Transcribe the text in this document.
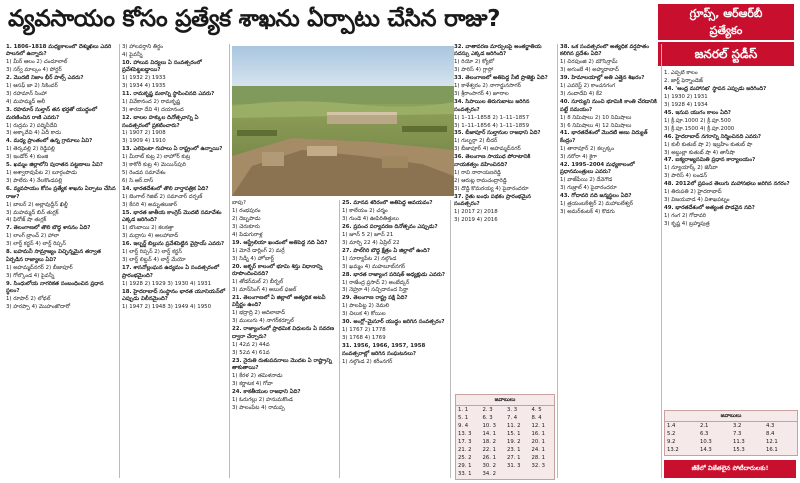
వ్యవసాయం కోసం ప్రత్యేక శాఖను ఏర్పాటు చేసిన రాజు?	గ్రూప్స్, ఆర్ఆర్‌బీ
ప్రత్యేకం
జనరల్ స్టడీస్

1. 1806–1818 మధ్యకాలంలో దేశ్ముఖ్‌లు ఎవరి పాలనలో ఉన్నారు?

1) మీర్ ఆలం 2) చందూలాల్

3) సర్వ్ మాల్కం 4) పోర్టర్

2. మొదటి నిజాం భీర్ పాల్స్ ఎవరు?

1) ఆసఫ్ జా 2) సికిందర్

3) రహమాన్ సింహా

4) మహమ్మద్ అలీ

3. రహమాన్ సుల్తాన్ తన భర్తతో యుద్ధంలో మరణించిన రాణి ఎవరు?

1) రుద్రమ 2) పద్మినీదేవి

3) అక్కాదేవి 4) ఏదీ కాదు

4. మధ్య ప్రాంతంలో ఉన్న గ్రామాలు ఏవి?

1) తెర్కవల్లి 2) రెడ్డిపల్లి

3) ఇండోర్ 4) కుంజి

5. ఖమ్మం జిల్లాలోని పురాతన పట్టణాలు ఏవి?

1) అశ్వారావుపేట 2) బూర్గంపాడు

3) పాలేరు 4) నేలకొండపల్లి

6. వ్యవసాయం కోసం ప్రత్యేక శాఖను ఏర్పాటు చేసిన రాజు?

1) బాబర్ 2) అల్లావుద్దీన్ ఖిల్జీ

3) మహమ్మద్ బిన్ తుగ్లక్

4) ఫిరోజ్ షా తుగ్లక్

7. తెలంగాణలో తొలి బౌద్ధ శాసనం ఏది?

1) లాంగ్ బ్రాంచ్ 2) హాలా

3) లార్డ్ కర్జన్ 4) లార్డ్ రిప్పన్

8. బహమనీ సామ్రాజ్యం విచ్ఛిన్నమైన తర్వాత ఏర్పడిన రాజ్యాలు ఏవి?

1) అహమ్మద్‌నగర్ 2) బీజాపూర్

3) గోల్కొండ 4) పైవన్నీ

9. సింధులోయ నాగరికత సంబంధించిన ప్రధాన స్థలం?

1) రూపార్ 2) లోథల్

3) హరప్పా 4) మొహంజొదారో

3) హాలవర్తానీ తీర్థం

4) పైవన్నీ

10. హాలువ విద్యలు ఏ సంవత్సరంలో ప్రవేశపెట్టబడ్డాయి?

1) 1932 2) 1933

3) 1934 4) 1935

11. రామకృష్ణ మఠాన్ని స్థాపించినది ఎవరు?

1) వివేకానంద 2) రామకృష్ణ

3) శారదా దేవి 4) దయానంద

12. బాలల హక్కుల దినోత్సవాన్ని ఏ సంవత్సరంలో ప్రకటించారు?

1) 1907 2) 1908

3) 1909 4) 1910

13. ఎలిఫెంటా గుహలు ఏ రాష్ట్రంలో ఉన్నాయి?

1) మీరాట్ కుట్ర 2) లాహోర్ కుట్ర

3) కాకోరీ కుట్ర 4) మెయిన్‌పురి

5) రెండవ సమావేశం

6) సి.ఆర్.దాస్

14. భారతదేశంలో తొలి వార్తాపత్రిక ఏది?

1) బెంగాల్ గెజిట్ 2) సమాచార్ దర్పణ్

3) కేసరి 4) అమృతబజార్

15. భారత జాతీయ కాంగ్రెస్ మొదటి సమావేశం ఎక్కడ జరిగింది?

1) బొంబాయి 2) కలకత్తా

3) మద్రాసు 4) అలహాబాద్

16. ఇల్బర్ట్ బిల్లును ప్రవేశపెట్టిన వైస్రాయ్ ఎవరు?

1) లార్డ్ రిప్పన్ 2) లార్డ్ కర్జన్

3) లార్డ్ లిట్టన్ 4) లార్డ్ మేయో

17. శాసనోల్లంఘన ఉద్యమం ఏ సంవత్సరంలో ప్రారంభమైంది?

1) 1928 2) 1929 3) 1930 4) 1931

18. హైదరాబాద్ సంస్థానం భారత యూనియన్‌లో ఎప్పుడు విలీనమైంది?

1) 1947 2) 1948 3) 1949 4) 1950

బాపు?

1) రంభపురం

2) దెబ్బపాడు

3) చెరుకూరు

4) పిడుగురాళ్ల

19. ఆస్ట్రేలియా ఖండంలో అతిపెద్ద నది ఏది?

1) మోనే డార్లింగ్ 2) మర్రే

3) సిడ్నీ 4) హోబార్ట్

20. అక్బర్ కాలంలో భూమి శిస్తు విధానాన్ని రూపొందించినది?

1) తోడర్‌మల్ 2) బీర్బల్

3) మాన్‌సింగ్ 4) అబుల్ ఫజల్

21. తెలంగాణలో ఏ జిల్లాలో అత్యధిక అటవీ విస్తీర్ణం ఉంది?

1) భద్రాద్రి 2) ఆదిలాబాద్

3) ములుగు 4) నాగర్‌కర్నూల్

22. రాజ్యాంగంలో ప్రాథమిక విధులను ఏ సవరణ ద్వారా చేర్చారు?

1) 42వ 2) 44వ

3) 52వ 4) 61వ

23. నైరుతి రుతుపవనాలు మొదట ఏ రాష్ట్రాన్ని తాకుతాయి?

1) కేరళ 2) తమిళనాడు

3) కర్ణాటక 4) గోవా

24. కాకతీయుల రాజధాని ఏది?

1) ఓరుగల్లు 2) హనుమకొండ

3) పాలంపేట 4) రామప్ప

25. మానవ శరీరంలో అతిపెద్ద అవయవం?

1) కాలేయం 2) చర్మం

3) గుండె 4) ఊపిరితిత్తులు

26. ప్రపంచ పర్యావరణ దినోత్సవం ఎప్పుడు?

1) జూన్ 5 2) జూన్ 21

3) మార్చి 22 4) ఏప్రిల్ 22

27. పాల్‌గిరి బౌద్ధ క్షేత్రం ఏ జిల్లాలో ఉంది?

1) సూర్యాపేట 2) నల్గొండ

3) ఖమ్మం 4) మహబూబ్‌నగర్

28. భారత రాజ్యాంగ పరిషత్ అధ్యక్షుడు ఎవరు?

1) రాజేంద్ర ప్రసాద్ 2) అంబేద్కర్

3) నెహ్రూ 4) సచ్చిదానంద సిన్హా

29. తెలంగాణ రాష్ట్ర పక్షి ఏది?

1) పాలపిట్ట 2) నెమలి

3) చిలుక 4) కోయిల

30. అంగ్లో–మైసూర్ యుద్ధం జరిగిన సంవత్సరం?

1) 1767 2) 1778

3) 1768 4) 1769

31. 1956, 1966, 1957, 1958 సంవత్సరాల్లో జరిగిన సంఘటనలు?

1) నల్గొండ 2) కరీంనగర్

32. వాతావరణ మార్పులపై అంతర్జాతీయ సదస్సు ఎక్కడ జరిగింది?

1) రియో 2) క్యోటో

3) పారిస్ 4) గ్లాస్గో

33. తెలంగాణలో అతిపెద్ద నీటి ప్రాజెక్టు ఏది?

1) కాళేశ్వరం 2) నాగార్జునసాగర్

3) శ్రీరాంసాగర్ 4) జూరాల

34. సిపాయిల తిరుగుబాటు జరిగిన సంవత్సరం?

1) 1–11–1858 2) 1–11–1857

3) 1–11–1856 4) 1–11–1859

35. బీజాపూర్ సుల్తానుల రాజధాని ఏది?

1) గుల్బర్గా 2) బీదర్

3) బీజాపూర్ 4) అహమ్మద్‌నగర్

36. తెలంగాణ సాయుధ పోరాటానికి నాయకత్వం వహించినది?

1) రావి నారాయణరెడ్డి

2) ఆరుట్ల రామచంద్రారెడ్డి

3) దొడ్డి కొమరయ్య 4) పైవారందరూ

37. రైతు బంధు పథకం ప్రారంభమైన సంవత్సరం?

1) 2017 2) 2018

3) 2019 4) 2016

38. ఒక సంవత్సరంలో అత్యధిక వర్షపాతం కలిగిన ప్రదేశం ఏది?

1) చిరపుంజి 2) మౌసిన్రామ్

3) అగుంబే 4) అహ్మదాబాద్

39. హిమాలయాల్లో అతి ఎత్తైన శిఖరం?

1) ఎవరెస్ట్ 2) కాంచనగంగ

3) నందాదేవి 4) కే2

40. సూర్యుని నుంచి భూమికి కాంతి చేరడానికి పట్టే సమయం?

1) 8 నిమిషాలు 2) 10 నిమిషాలు

3) 6 నిమిషాలు 4) 12 నిమిషాలు

41. భారతదేశంలో మొదటి అణు విద్యుత్ కేంద్రం?

1) తారాపూర్ 2) కల్పక్కం

3) నరోరా 4) కైగా

42. 1995–2004 మధ్యకాలంలో ప్రధానమంత్రులు ఎవరు?

1) వాజ్‌పేయి 2) దేవెగౌడ

3) గుజ్రాల్ 4) పైవారందరూ

43. గోదావరి నది జన్మస్థలం ఏది?

1) త్రయంబకేశ్వర్ 2) మహాబలేశ్వర్

3) అమర్‌కంటక్ 4) కొడగు

1. ఎప్పటి కాలం

2. జార్జ్ ఫెర్నాండెజ్

44. 'ఆంధ్ర మహాసభ' స్థాపన ఎప్పుడు జరిగింది?

1) 1930 2) 1931

3) 1928 4) 1934

45. ఇనుప యుగం కాలం ఏది?

1) క్రీ.పూ.1000 2) క్రీ.పూ.500

3) క్రీ.పూ.1500 4) క్రీ.పూ.2000

46. హైదరాబాద్ నగరాన్ని నిర్మించినది ఎవరు?

1) కులీ కుతుబ్ షా 2) ఇబ్రహీం కుతుబ్ షా

3) అబ్దుల్లా కుతుబ్ షా 4) తానీషా

47. ఐక్యరాజ్యసమితి ప్రధాన కార్యాలయం?

1) న్యూయార్క్ 2) జెనీవా

3) పారిస్ 4) లండన్

48. 2012లో ప్రపంచ తెలుగు మహాసభలు జరిగిన నగరం?

1) తిరుపతి 2) హైదరాబాద్

3) విజయవాడ 4) విశాఖపట్నం

49. భారతదేశంలో అత్యంత పొడవైన నది?

1) గంగ 2) గోదావరి

3) కృష్ణ 4) బ్రహ్మపుత్ర

జవాబులు
1. 1	2. 3	3. 3	4. 5
5. 1	6. 3	7. 4	8. 4
9. 4	10. 3	11. 2	12. 1
13. 3	14. 1	15. 1	16. 1
17. 3	18. 2	19. 2	20. 1
21. 2	22. 1	23. 1	24. 1
25. 2	26. 1	27. 1	28. 1
29. 1	30. 2	31. 3	32. 3
33. 1	34. 2		
జవాబులు
1.4	2.1	3.2	4.3
5.2	6.3	7.3	8.4
9.2	10.3	11.3	12.1
13.2	14.3	15.3	16.1
జీకేలో విజేతలైన పోటీదారులకు!
